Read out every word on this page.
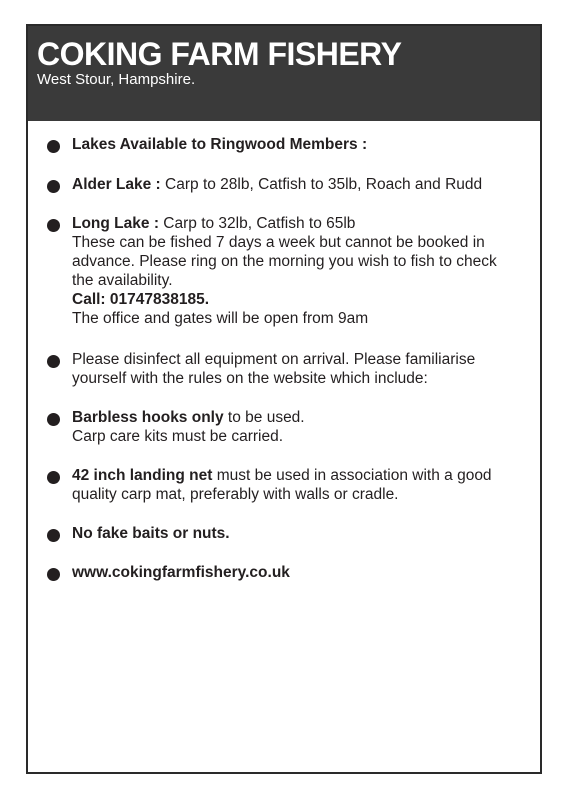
COKING FARM FISHERY
West Stour, Hampshire.
Lakes Available to Ringwood Members :
Alder Lake : Carp to 28lb, Catfish to 35lb, Roach and Rudd
Long Lake : Carp to 32lb, Catfish to 65lb
These can be fished 7 days a week but cannot be booked in
advance. Please ring on the morning you wish to fish to check
the availability.
Call: 01747838185.
The office and gates will be open from 9am
Please disinfect all equipment on arrival. Please familiarise
yourself with the rules on the website which include:
Barbless hooks only to be used.
Carp care kits must be carried.
42 inch landing net must be used in association with a good
quality carp mat, preferably with walls or cradle.
No fake baits or nuts.
www.cokingfarmfishery.co.uk
